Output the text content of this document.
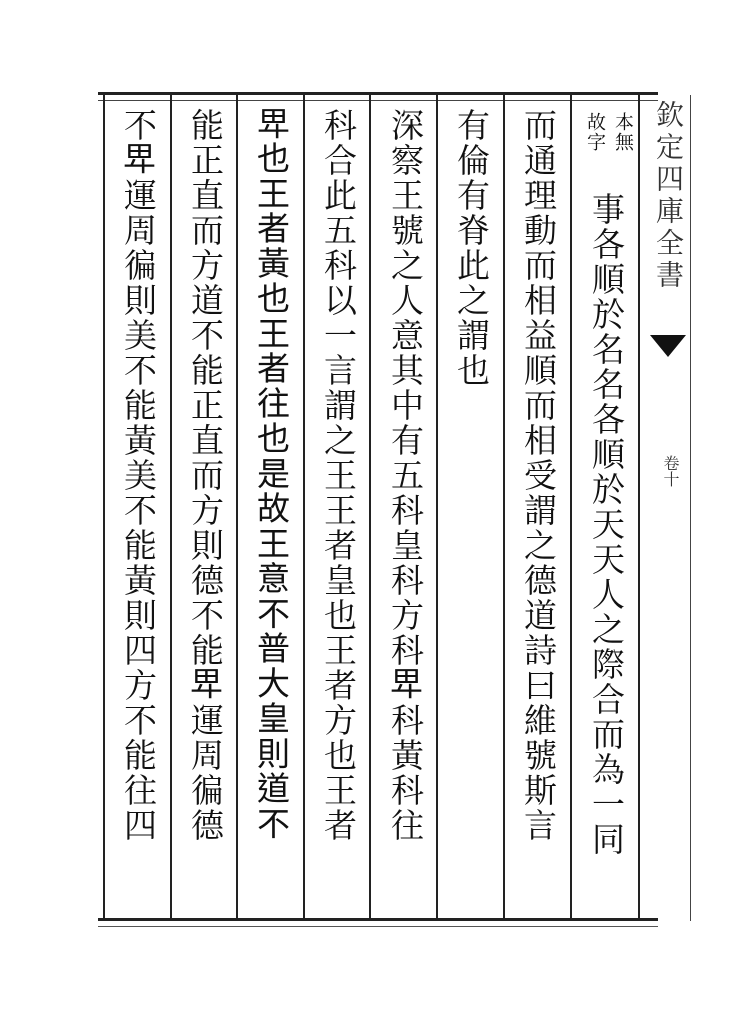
欽定四庫全書
卷十
本無
故字
事各順於名名各順於天天人之際合而為一同
而通理動而相益順而相受謂之德道詩曰維號斯言
有倫有脊此之謂也
深察王號之人意其中有五科皇科方科𤰞科黃科往
科合此五科以一言謂之王王者皇也王者方也王者
𤰞也王者黃也王者往也是故王意不普大皇則道不
能正直而方道不能正直而方則德不能𤰞運周徧德
不𤰞運周徧則美不能黃美不能黃則四方不能往四
